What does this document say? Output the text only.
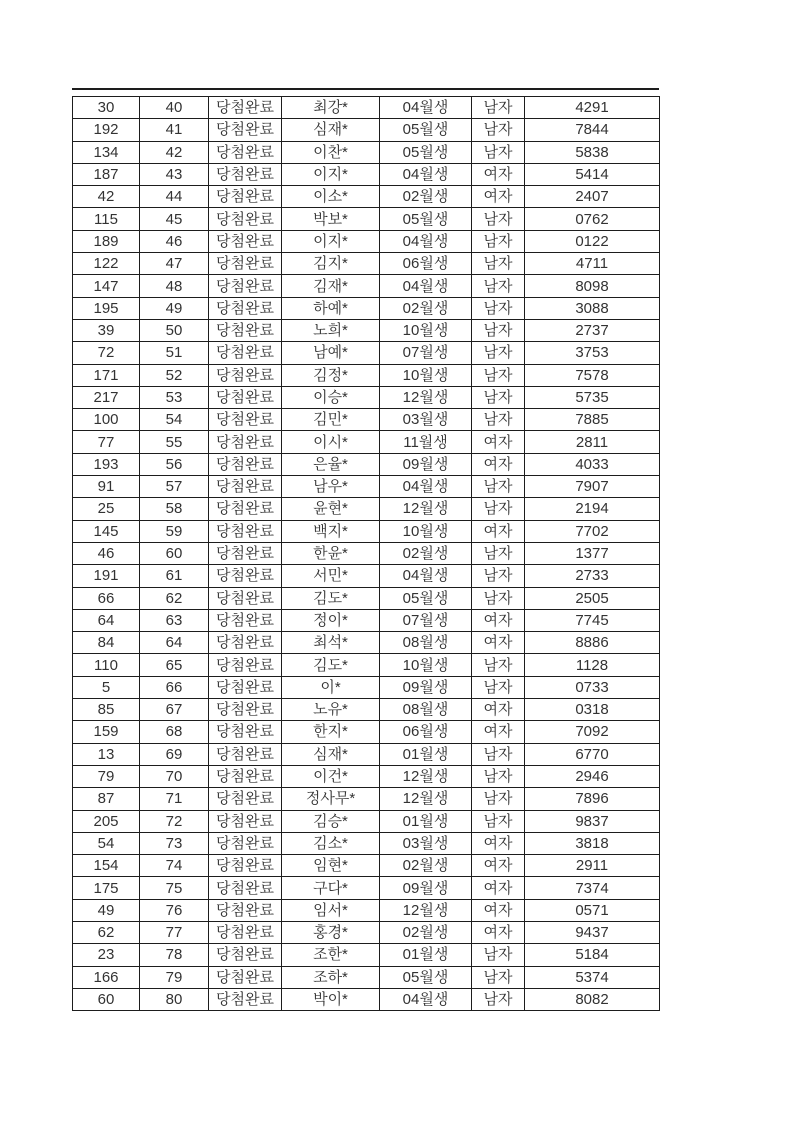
30	40	당첨완료	최강*	04월생	남자	4291
192	41	당첨완료	심재*	05월생	남자	7844
134	42	당첨완료	이찬*	05월생	남자	5838
187	43	당첨완료	이지*	04월생	여자	5414
42	44	당첨완료	이소*	02월생	여자	2407
115	45	당첨완료	박보*	05월생	남자	0762
189	46	당첨완료	이지*	04월생	남자	0122
122	47	당첨완료	김지*	06월생	남자	4711
147	48	당첨완료	김재*	04월생	남자	8098
195	49	당첨완료	하예*	02월생	남자	3088
39	50	당첨완료	노희*	10월생	남자	2737
72	51	당첨완료	남예*	07월생	남자	3753
171	52	당첨완료	김정*	10월생	남자	7578
217	53	당첨완료	이승*	12월생	남자	5735
100	54	당첨완료	김민*	03월생	남자	7885
77	55	당첨완료	이시*	11월생	여자	2811
193	56	당첨완료	은율*	09월생	여자	4033
91	57	당첨완료	남우*	04월생	남자	7907
25	58	당첨완료	윤현*	12월생	남자	2194
145	59	당첨완료	백지*	10월생	여자	7702
46	60	당첨완료	한윤*	02월생	남자	1377
191	61	당첨완료	서민*	04월생	남자	2733
66	62	당첨완료	김도*	05월생	남자	2505
64	63	당첨완료	정이*	07월생	여자	7745
84	64	당첨완료	최석*	08월생	여자	8886
110	65	당첨완료	김도*	10월생	남자	1128
5	66	당첨완료	이*	09월생	남자	0733
85	67	당첨완료	노유*	08월생	여자	0318
159	68	당첨완료	한지*	06월생	여자	7092
13	69	당첨완료	심재*	01월생	남자	6770
79	70	당첨완료	이건*	12월생	남자	2946
87	71	당첨완료	정사무*	12월생	남자	7896
205	72	당첨완료	김승*	01월생	남자	9837
54	73	당첨완료	김소*	03월생	여자	3818
154	74	당첨완료	임현*	02월생	여자	2911
175	75	당첨완료	구다*	09월생	여자	7374
49	76	당첨완료	임서*	12월생	여자	0571
62	77	당첨완료	홍경*	02월생	여자	9437
23	78	당첨완료	조한*	01월생	남자	5184
166	79	당첨완료	조하*	05월생	남자	5374
60	80	당첨완료	박이*	04월생	남자	8082
